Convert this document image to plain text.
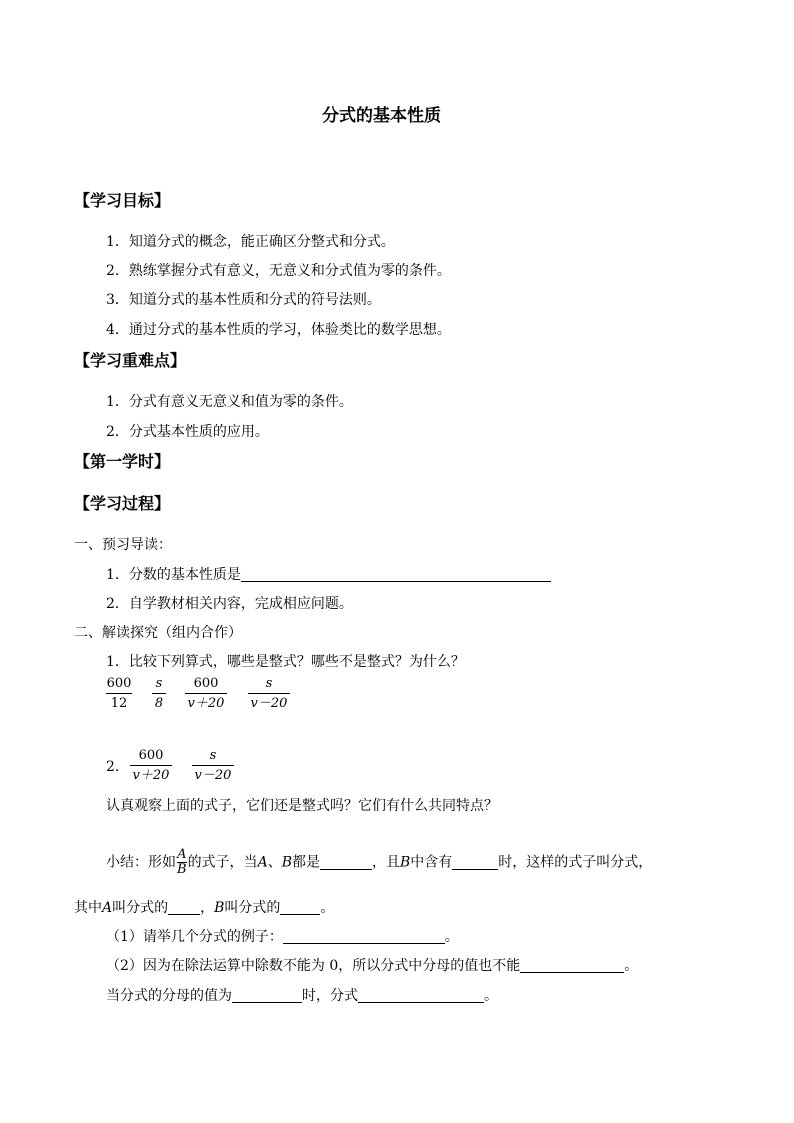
分式的基本性质
【学习目标】
1．知道分式的概念，能正确区分整式和分式。
2．熟练掌握分式有意义，无意义和分式值为零的条件。
3．知道分式的基本性质和分式的符号法则。
4．通过分式的基本性质的学习，体验类比的数学思想。
【学习重难点】
1．分式有意义无意义和值为零的条件。
2．分式基本性质的应用。
【第一学时】
【学习过程】
一、预习导读：
1．分数的基本性质是
2．自学教材相关内容，完成相应问题。
二、解读探究（组内合作）
1．比较下列算式，哪些是整式？哪些不是整式？为什么？
600
12
s
8
600
v＋20
s
v－20
2．
600
v＋20
s
v－20
认真观察上面的式子，它们还是整式吗？它们有什么共同特点？
小结：形如 $\frac{A}{B}$ 的式子，当A、B都是	，且B中含有	时，这样的式子叫分式，
其中A叫分式的 ，B叫分式的	。
（1）请举几个分式的例子：	。
（2）因为在除法运算中除数不能为 0，所以分式中分母的值也不能	。
当分式的分母的值为	时，分式	。
